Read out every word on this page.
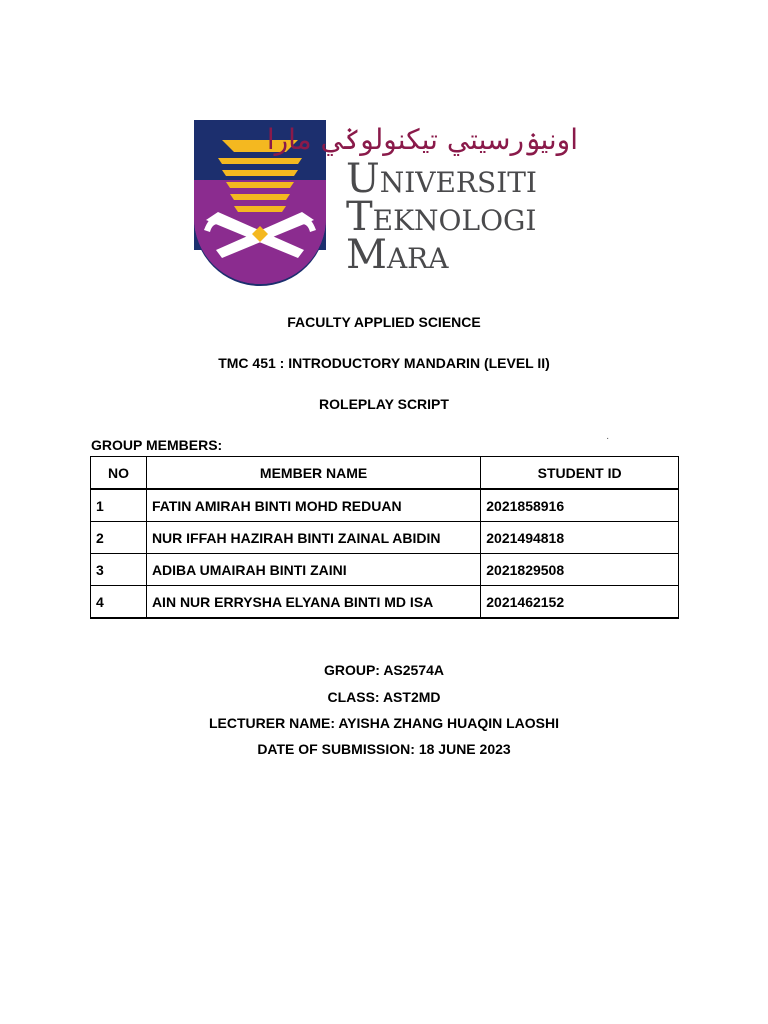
اونيۏرسيتي تيکنولوݢي مارا
Universiti
Teknologi
Mara
FACULTY APPLIED SCIENCE
TMC 451 : INTRODUCTORY MANDARIN (LEVEL II)
ROLEPLAY SCRIPT
GROUP MEMBERS:	·
NO	MEMBER NAME	STUDENT ID
1	FATIN AMIRAH BINTI MOHD REDUAN	2021858916
2	NUR IFFAH HAZIRAH BINTI ZAINAL ABIDIN	2021494818
3	ADIBA UMAIRAH BINTI ZAINI	2021829508
4	AIN NUR ERRYSHA ELYANA BINTI MD ISA	2021462152
GROUP: AS2574A
CLASS: AST2MD
LECTURER NAME: AYISHA ZHANG HUAQIN LAOSHI
DATE OF SUBMISSION: 18 JUNE 2023
